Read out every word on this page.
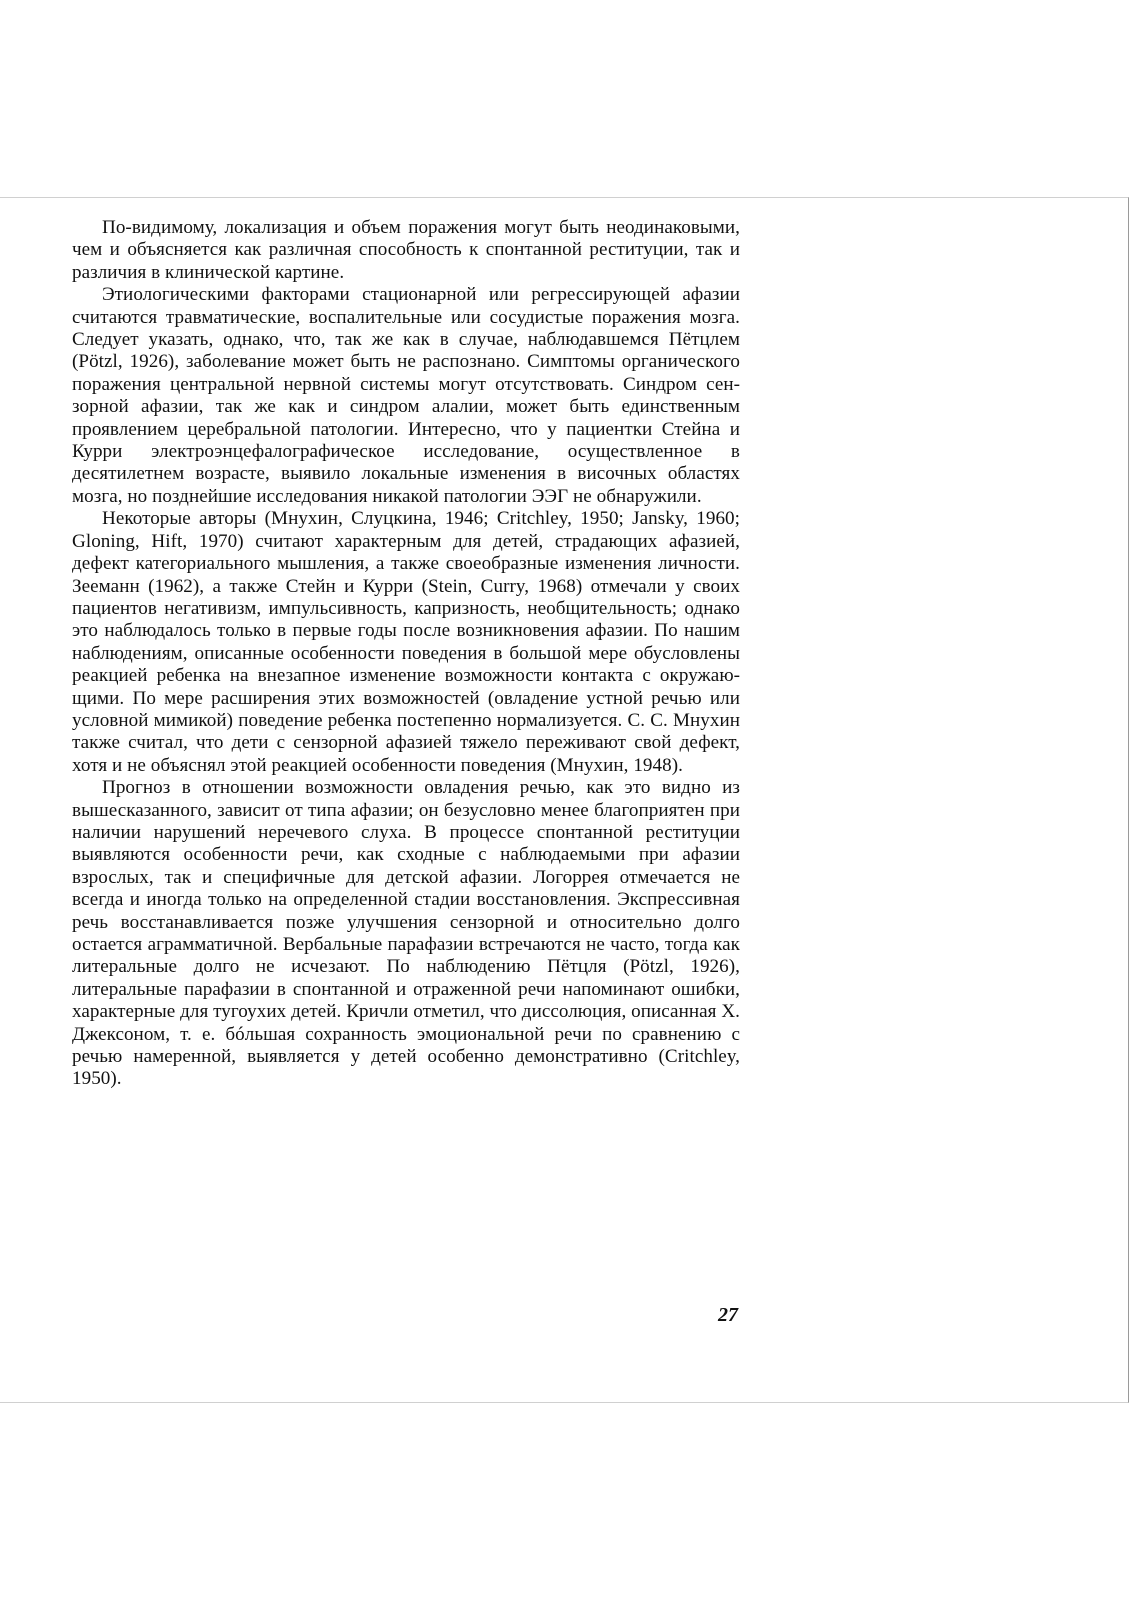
По-видимому, локализация и объем поражения могут быть неодинаковыми, чем и объясняется как различная способность к спонтанной реституции, так и различия в клинической картине.

Этиологическими факторами стационарной или регрессирующей афазии считаются травматические, воспалительные или сосудистые поражения мозга. Следует указать, однако, что, так же как в случае, наблюдавшемся Пётцлем (Pötzl, 1926), заболевание может быть не распознано. Симптомы органического поражения центральной нервной системы могут отсутствовать. Синдром сензорной афазии, так же как и синдром алалии, может быть единственным проявлением церебральной патологии. Интересно, что у пациентки Стейна и Курри электроэнцефалографическое исследование, осуществленное в десятилетнем возрасте, выявило локальные изменения в височных областях мозга, но позднейшие исследования никакой патологии ЭЭГ не обнаружили.

Некоторые авторы (Мнухин, Слуцкина, 1946; Critchley, 1950; Jansky, 1960; Gloning, Hift, 1970) считают характерным для детей, страдающих афазией, дефект категориального мышления, а также своеобразные изменения личности. Зееманн (1962), а также Стейн и Курри (Stein, Curry, 1968) отмечали у своих пациентов негативизм, импульсивность, капризность, необщительность; однако это наблюдалось только в первые годы после возникновения афазии. По нашим наблюдениям, описанные особенности поведения в большой мере обусловлены реакцией ребенка на внезапное изменение возможности контакта с окружающими. По мере расширения этих возможностей (овладение устной речью или условной мимикой) поведение ребенка постепенно нормализуется. С. С. Мнухин также считал, что дети с сензорной афазией тяжело переживают свой дефект, хотя и не объяснял этой реакцией особенности поведения (Мнухин, 1948).

Прогноз в отношении возможности овладения речью, как это видно из вышесказанного, зависит от типа афазии; он безусловно менее благоприятен при наличии нарушений неречевого слуха. В процессе спонтанной реституции выявляются особенности речи, как сходные с наблюдаемыми при афазии взрослых, так и специфичные для детской афазии. Логоррея отмечается не всегда и иногда только на определенной стадии восстановления. Экспрессивная речь восстанавливается позже улучшения сензорной и относительно долго остается аграмматичной. Вербальные парафазии встречаются не часто, тогда как литеральные долго не исчезают. По наблюдению Пётцля (Pötzl, 1926), литеральные парафазии в спонтанной и отраженной речи напоминают ошибки, характерные для тугоухих детей. Кричли отметил, что диссолюция, описанная X. Джексоном, т. е. бóльшая сохранность эмоциональной речи по сравнению с речью намеренной, выявляется у детей особенно демонстративно (Critchley, 1950).

27
